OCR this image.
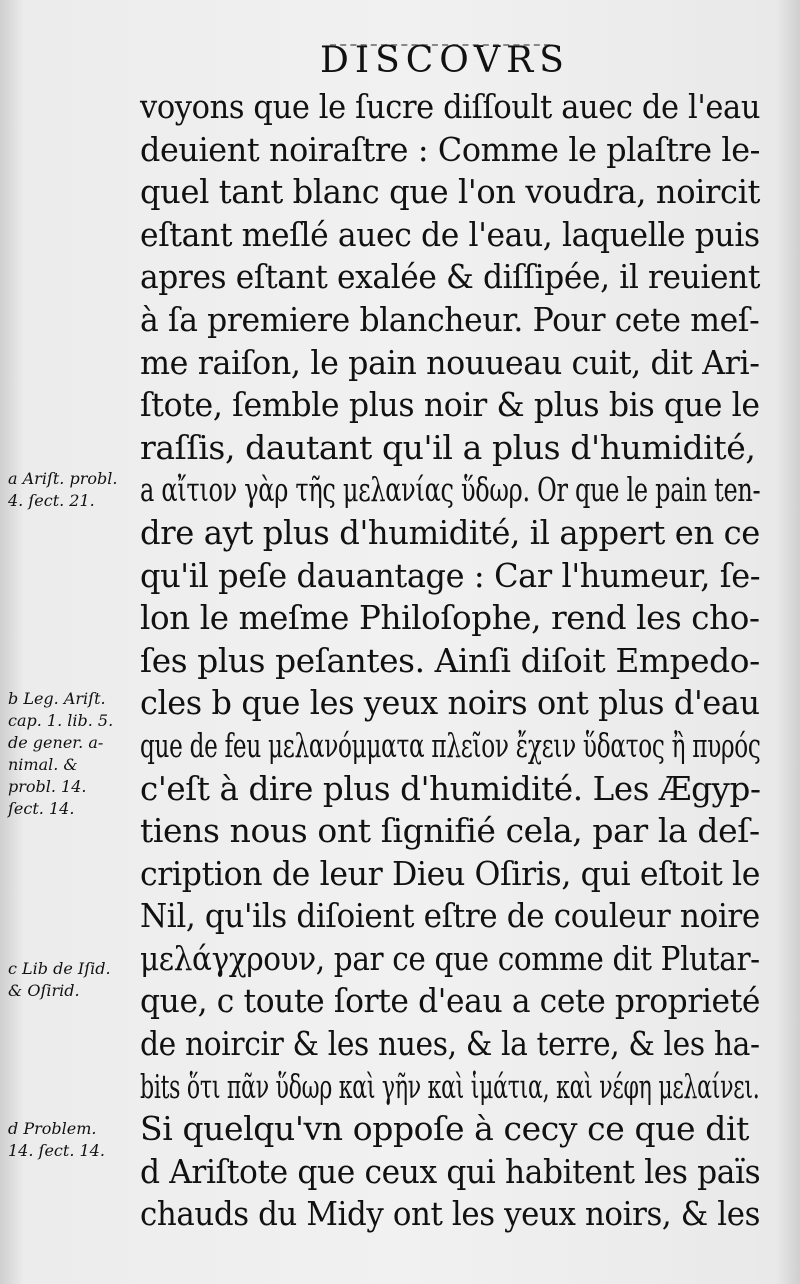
DISCOVRS
voyons que le ſucre diſſoult auec de l'eau
deuient noiraſtre : Comme le plaſtre le-
quel tant blanc que l'on voudra, noircit
eſtant meſlé auec de l'eau, laquelle puis
apres eſtant exalée & diſſipée, il reuient
à ſa premiere blancheur. Pour cete meſ-
me raiſon, le pain nouueau cuit, dit Ari-
ſtote, ſemble plus noir & plus bis que le
raſſis, dautant qu'il a plus d'humidité,
a αἴτιον γὰρ τῆς μελανίας ὕδωρ. Or que le pain ten-
dre ayt plus d'humidité, il appert en ce
qu'il peſe dauantage : Car l'humeur, ſe-
lon le meſme Philoſophe, rend les cho-
ſes plus peſantes. Ainſi diſoit Empedo-
cles b que les yeux noirs ont plus d'eau
que de feu μελανόμματα πλεῖον ἔχειν ὕδατος ἢ πυρός
c'eſt à dire plus d'humidité. Les Ægyp-
tiens nous ont ſignifié cela, par la deſ-
cription de leur Dieu Oſiris, qui eſtoit le
Nil, qu'ils diſoient eſtre de couleur noire
μελάγχρουν, par ce que comme dit Plutar-
que, c toute ſorte d'eau a cete proprieté
de noircir & les nues, & la terre, & les ha-
bits ὅτι πᾶν ὕδωρ καὶ γῆν καὶ ἱμάτια, καὶ νέφη μελαίνει.
Si quelqu'vn oppoſe à cecy ce que dit
d Ariſtote que ceux qui habitent les païs
chauds du Midy ont les yeux noirs, & les
a Ariſt. probl.
4. ſect. 21.
b Leg. Ariſt.
cap. 1. lib. 5.
de gener. a-
nimal. &
probl. 14.
ſect. 14.
c Lib de Iſid.
& Oſirid.
d Problem.
14. ſect. 14.
